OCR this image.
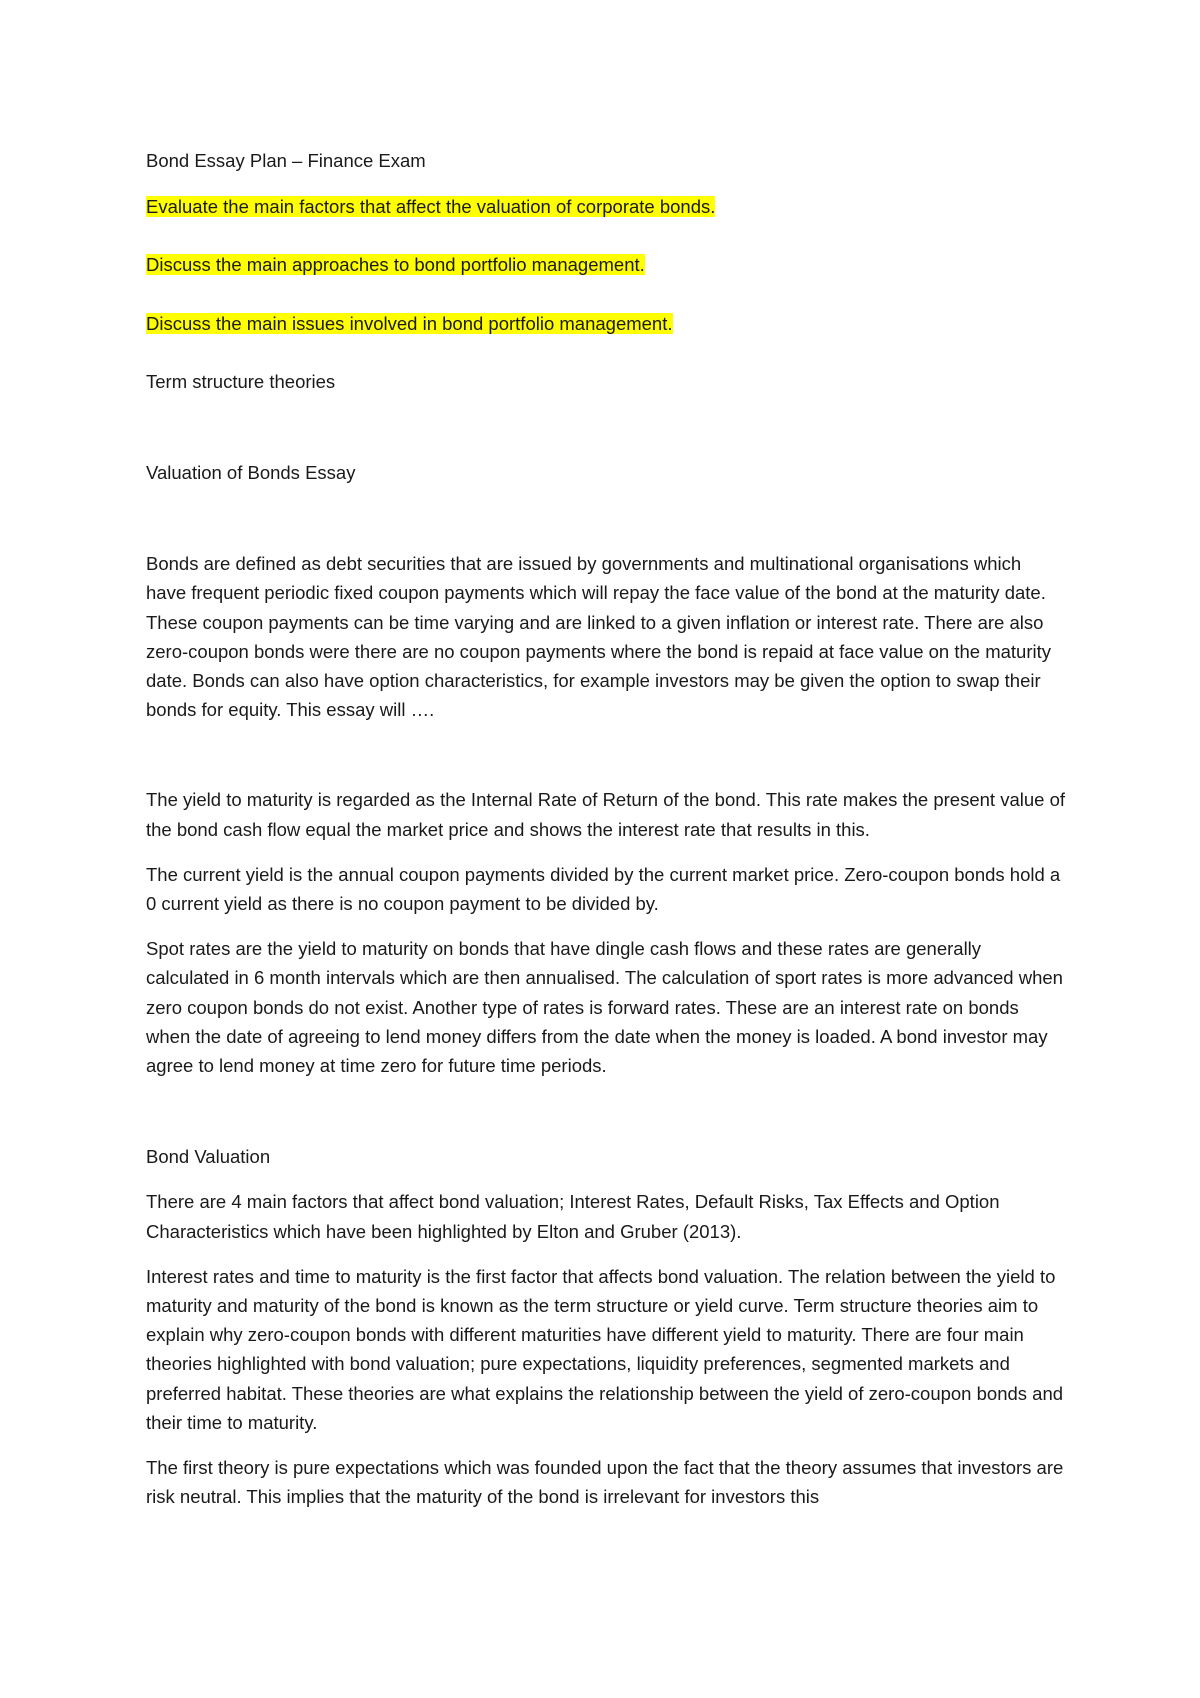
Bond Essay Plan – Finance Exam

Evaluate the main factors that affect the valuation of corporate bonds.

Discuss the main approaches to bond portfolio management.

Discuss the main issues involved in bond portfolio management.

Term structure theories

Valuation of Bonds Essay

Bonds are defined as debt securities that are issued by governments and multinational organisations which have frequent periodic fixed coupon payments which will repay the face value of the bond at the maturity date. These coupon payments can be time varying and are linked to a given inflation or interest rate. There are also zero-coupon bonds were there are no coupon payments where the bond is repaid at face value on the maturity date. Bonds can also have option characteristics, for example investors may be given the option to swap their bonds for equity. This essay will ….

The yield to maturity is regarded as the Internal Rate of Return of the bond. This rate makes the present value of the bond cash flow equal the market price and shows the interest rate that results in this.

The current yield is the annual coupon payments divided by the current market price. Zero-coupon bonds hold a 0 current yield as there is no coupon payment to be divided by.

Spot rates are the yield to maturity on bonds that have dingle cash flows and these rates are generally calculated in 6 month intervals which are then annualised. The calculation of sport rates is more advanced when zero coupon bonds do not exist. Another type of rates is forward rates. These are an interest rate on bonds when the date of agreeing to lend money differs from the date when the money is loaded. A bond investor may agree to lend money at time zero for future time periods.

Bond Valuation

There are 4 main factors that affect bond valuation; Interest Rates, Default Risks, Tax Effects and Option Characteristics which have been highlighted by Elton and Gruber (2013).

Interest rates and time to maturity is the first factor that affects bond valuation. The relation between the yield to maturity and maturity of the bond is known as the term structure or yield curve. Term structure theories aim to explain why zero-coupon bonds with different maturities have different yield to maturity. There are four main theories highlighted with bond valuation; pure expectations, liquidity preferences, segmented markets and preferred habitat. These theories are what explains the relationship between the yield of zero-coupon bonds and their time to maturity.

The first theory is pure expectations which was founded upon the fact that the theory assumes that investors are risk neutral. This implies that the maturity of the bond is irrelevant for investors this
